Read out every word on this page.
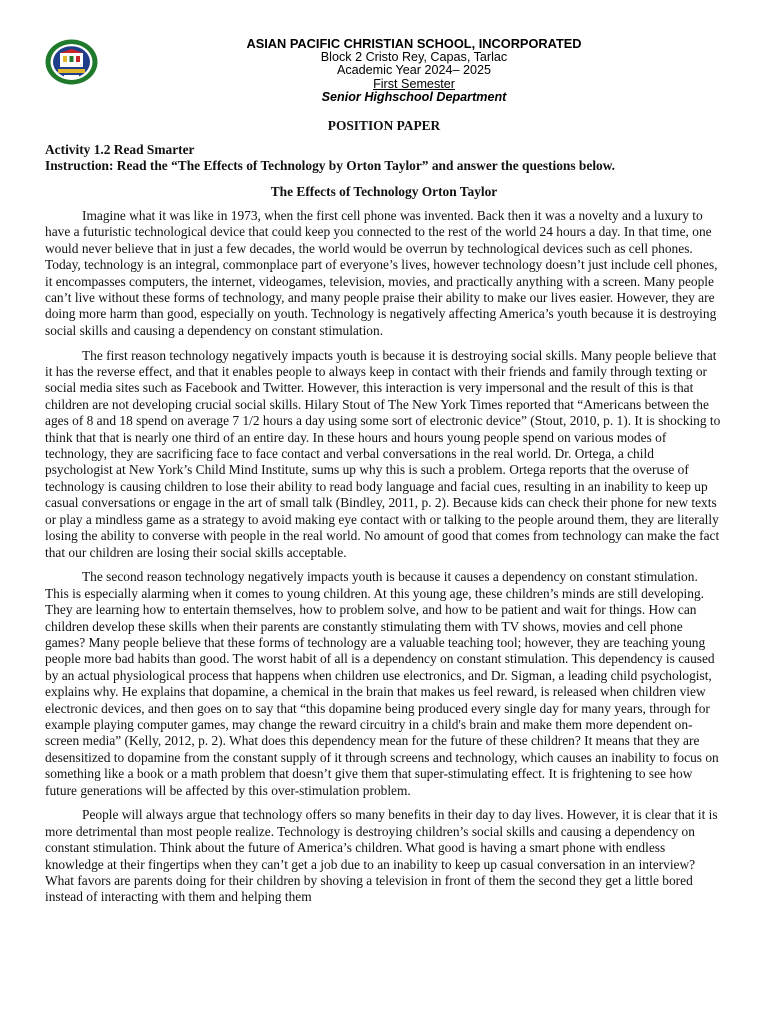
ASIAN PACIFIC CHRISTIAN SCHOOL, INCORPORATED
Block 2 Cristo Rey, Capas, Tarlac
Academic Year 2024– 2025
First Semester
Senior Highschool Department
POSITION PAPER
Activity 1.2 Read Smarter
Instruction: Read the “The Effects of Technology by Orton Taylor” and answer the questions below.
The Effects of Technology Orton Taylor

Imagine what it was like in 1973, when the first cell phone was invented. Back then it was a novelty and a luxury to have a futuristic technological device that could keep you connected to the rest of the world 24 hours a day. In that time, one would never believe that in just a few decades, the world would be overrun by technological devices such as cell phones. Today, technology is an integral, commonplace part of everyone’s lives, however technology doesn’t just include cell phones, it encompasses computers, the internet, videogames, television, movies, and practically anything with a screen. Many people can’t live without these forms of technology, and many people praise their ability to make our lives easier. However, they are doing more harm than good, especially on youth. Technology is negatively affecting America’s youth because it is destroying social skills and causing a dependency on constant stimulation.

The first reason technology negatively impacts youth is because it is destroying social skills. Many people believe that it has the reverse effect, and that it enables people to always keep in contact with their friends and family through texting or social media sites such as Facebook and Twitter. However, this interaction is very impersonal and the result of this is that children are not developing crucial social skills. Hilary Stout of The New York Times reported that “Americans between the ages of 8 and 18 spend on average 7 1/2 hours a day using some sort of electronic device” (Stout, 2010, p. 1). It is shocking to think that that is nearly one third of an entire day. In these hours and hours young people spend on various modes of technology, they are sacrificing face to face contact and verbal conversations in the real world. Dr. Ortega, a child psychologist at New York’s Child Mind Institute, sums up why this is such a problem. Ortega reports that the overuse of technology is causing children to lose their ability to read body language and facial cues, resulting in an inability to keep up casual conversations or engage in the art of small talk (Bindley, 2011, p. 2). Because kids can check their phone for new texts or play a mindless game as a strategy to avoid making eye contact with or talking to the people around them, they are literally losing the ability to converse with people in the real world. No amount of good that comes from technology can make the fact that our children are losing their social skills acceptable.

The second reason technology negatively impacts youth is because it causes a dependency on constant stimulation. This is especially alarming when it comes to young children. At this young age, these children’s minds are still developing. They are learning how to entertain themselves, how to problem solve, and how to be patient and wait for things. How can children develop these skills when their parents are constantly stimulating them with TV shows, movies and cell phone games? Many people believe that these forms of technology are a valuable teaching tool; however, they are teaching young people more bad habits than good. The worst habit of all is a dependency on constant stimulation. This dependency is caused by an actual physiological process that happens when children use electronics, and Dr. Sigman, a leading child psychologist, explains why. He explains that dopamine, a chemical in the brain that makes us feel reward, is released when children view electronic devices, and then goes on to say that “this dopamine being produced every single day for many years, through for example playing computer games, may change the reward circuitry in a child's brain and make them more dependent on-screen media” (Kelly, 2012, p. 2). What does this dependency mean for the future of these children? It means that they are desensitized to dopamine from the constant supply of it through screens and technology, which causes an inability to focus on something like a book or a math problem that doesn’t give them that super-stimulating effect. It is frightening to see how future generations will be affected by this over-stimulation problem.

People will always argue that technology offers so many benefits in their day to day lives. However, it is clear that it is more detrimental than most people realize. Technology is destroying children’s social skills and causing a dependency on constant stimulation. Think about the future of America’s children. What good is having a smart phone with endless knowledge at their fingertips when they can’t get a job due to an inability to keep up casual conversation in an interview? What favors are parents doing for their children by shoving a television in front of them the second they get a little bored instead of interacting with them and helping them
